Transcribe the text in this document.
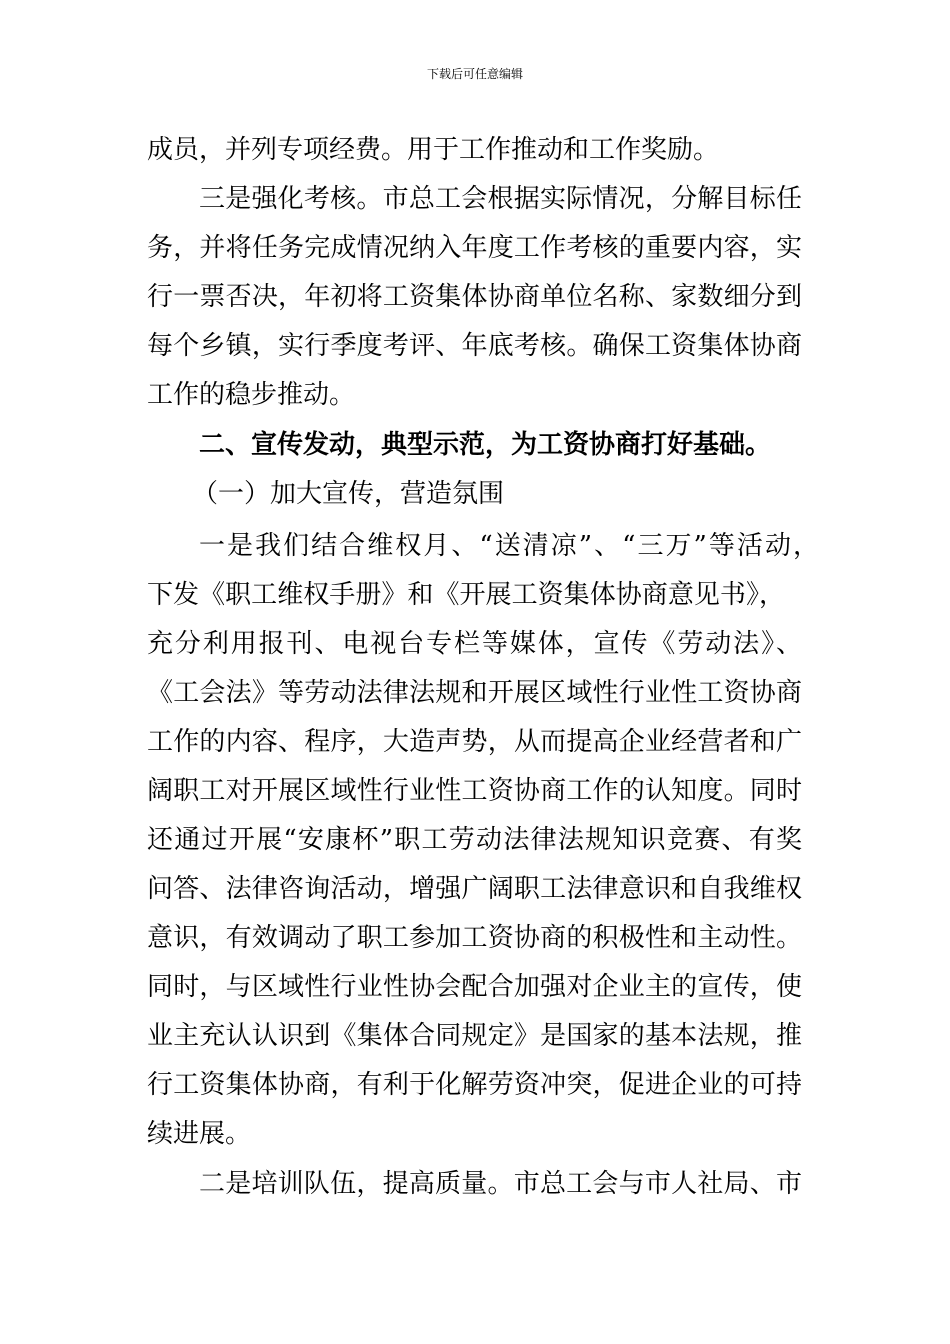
下载后可任意编辑
成员，并列专项经费。用于工作推动和工作奖励。
三是强化考核。市总工会根据实际情况，分解目标任
务，并将任务完成情况纳入年度工作考核的重要内容，实
行一票否决，年初将工资集体协商单位名称、家数细分到
每个乡镇，实行季度考评、年底考核。确保工资集体协商
工作的稳步推动。
二、宣传发动，典型示范，为工资协商打好基础。
（一）加大宣传，营造氛围
一是我们结合维权月、“送清凉”、“三万”等活动，
下发《职工维权手册》和《开展工资集体协商意见书》，
充分利用报刊、电视台专栏等媒体，宣传《劳动法》、
《工会法》等劳动法律法规和开展区域性行业性工资协商
工作的内容、程序，大造声势，从而提高企业经营者和广
阔职工对开展区域性行业性工资协商工作的认知度。同时
还通过开展“安康杯”职工劳动法律法规知识竞赛、有奖
问答、法律咨询活动，增强广阔职工法律意识和自我维权
意识，有效调动了职工参加工资协商的积极性和主动性。
同时，与区域性行业性协会配合加强对企业主的宣传，使
业主充认认识到《集体合同规定》是国家的基本法规，推
行工资集体协商，有利于化解劳资冲突，促进企业的可持
续进展。
二是培训队伍，提高质量。市总工会与市人社局、市
